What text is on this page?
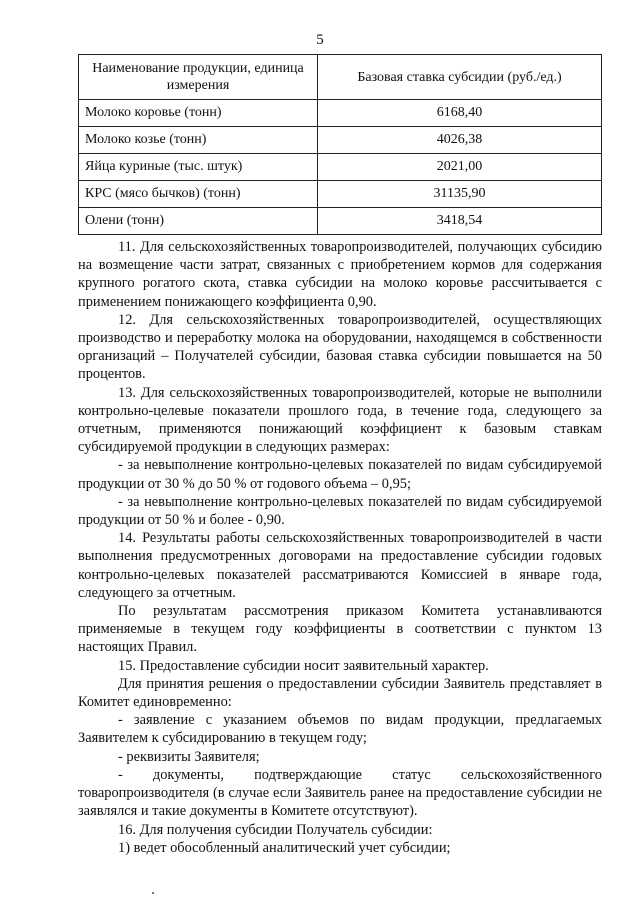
5
Наименование продукции, единица измерения	Базовая ставка субсидии (руб./ед.)
Молоко коровье (тонн)	6168,40
Молоко козье (тонн)	4026,38
Яйца куриные (тыс. штук)	2021,00
КРС (мясо бычков) (тонн)	31135,90
Олени (тонн)	3418,54

11. Для сельскохозяйственных товаропроизводителей, получающих субсидию на возмещение части затрат, связанных с приобретением кормов для содержания крупного рогатого скота, ставка субсидии на молоко коровье рассчитывается с применением понижающего коэффициента 0,90.

12. Для сельскохозяйственных товаропроизводителей, осуществляющих производство и переработку молока на оборудовании, находящемся в собственности организаций – Получателей субсидии, базовая ставка субсидии повышается на 50 процентов.

13. Для сельскохозяйственных товаропроизводителей, которые не выполнили контрольно-целевые показатели прошлого года, в течение года, следующего за отчетным, применяются понижающий коэффициент к базовым ставкам субсидируемой продукции в следующих размерах:

- за невыполнение контрольно-целевых показателей по видам субсидируемой продукции от 30 % до 50 % от годового объема – 0,95;

- за невыполнение контрольно-целевых показателей по видам субсидируемой продукции от 50 % и более - 0,90.

14. Результаты работы сельскохозяйственных товаропроизводителей в части выполнения предусмотренных договорами на предоставление субсидии годовых контрольно-целевых показателей рассматриваются Комиссией в январе года, следующего за отчетным.

По результатам рассмотрения приказом Комитета устанавливаются применяемые в текущем году коэффициенты в соответствии с пунктом 13 настоящих Правил.

15. Предоставление субсидии носит заявительный характер.

Для принятия решения о предоставлении субсидии Заявитель представляет в Комитет единовременно:

- заявление с указанием объемов по видам продукции, предлагаемых Заявителем к субсидированию в текущем году;

- реквизиты Заявителя;

- документы, подтверждающие статус сельскохозяйственного товаропроизводителя (в случае если Заявитель ранее на предоставление субсидии не заявлялся и такие документы в Комитете отсутствуют).

16. Для получения субсидии Получатель субсидии:

1) ведет обособленный аналитический учет субсидии;
